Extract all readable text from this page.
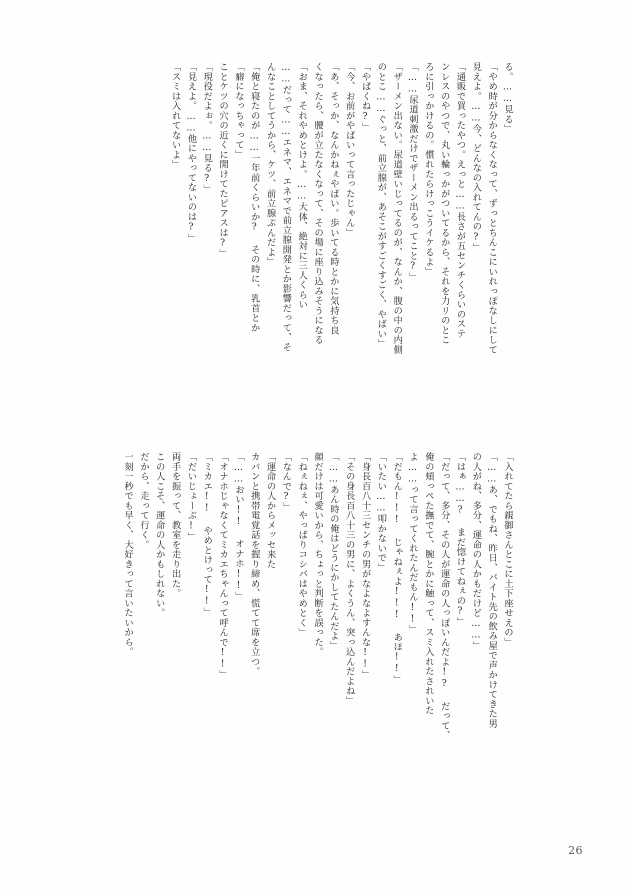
る。……見る」
「やめ時が分からなくなって、ずっとちんこにいれっぽなしにして
見えよ。……今、どんなの入れてんの?」
「通販で買ったやつ。えっと……長さが五センチくらいのステ
ンレスのやつで、丸い輪っかがついてるから、それを力リのとこ
ろに引っかけるの。慣れたらけっこうイケるよ」
「……尿道刺激だけでザーメン出るってこと?」
「ザーメン出ない。尿道壁いじってるのが、なんか、腹の中の内側
のとこ……ぐっと、前立腺が、あそこがすごくすごく、やばい」
「やばくね?」
「今、お前がやばいって言ったじゃん」
「あ、そっか、なんかねぇやばい。歩いてる時とかに気持ち良
くなったら、腰が立たなくなって、その場に座り込みそうになる
「おま、それやめとけよ。……大体、絶対に三人くらい
……だって……エネマ、エネマで前立腺開発とか影響だって、そ
んなことしてうから、ケツ、前立腺ぷんだよ」
「俺と寝たのが……一年前くらいか? その時に、乳首とか
「癖になっちゃって」
ことケツの穴の近くに開けてたピアスは?」
「現役だよぉ。……見る?」
「見えよ。……他にやってないのは?」
「スミは入れてないよ」
「入れてたら親御さんとこに土下座せえの」
「……あ、でもね、昨日、バイト先の飲み屋で声かけてきた男
の人がね、多分、運命の人かもだけど……」
「はぁ……? まだ惚けてねぇの?」
「だって、多分、その人が運命の人っぽいんだよ!? だって、
俺の頬っぺた撫でて、腕とかに触って、スミ入れたされいた
よ……って言ってくれたんだもん!!」
「だもん!!! じゃねぇよ!!! あほ!!」
「いたい……叩かないで」
「身長百八十三センチの男がなよなよすんな!!」
「その身長百八十三の男に、よくうん、突っ込んだよね」
「……あん時の俺はどうにかしてたんだよ」
顔だけは可愛いから、ちょっと判断を誤った。
「ねぇねぇ、やっぱりコシパはやめとく」
「なんで?」
「運命の人からメッセ来た
カバンと携帯電覚話を握り締め、慌てて席を立つ。
「……おい!! オナホ!!」
「オナホじゃなくてミカエちゃんって呼んで!!」
「ミカエ!! やめとけって!!」
「だいじょーぶ!」
両手を振って、教室を走り出た。
この人こそ、運命の人かもしれない。
だから、走って行く。
一刻一秒でも早く、大好きって言いたいから。
26
